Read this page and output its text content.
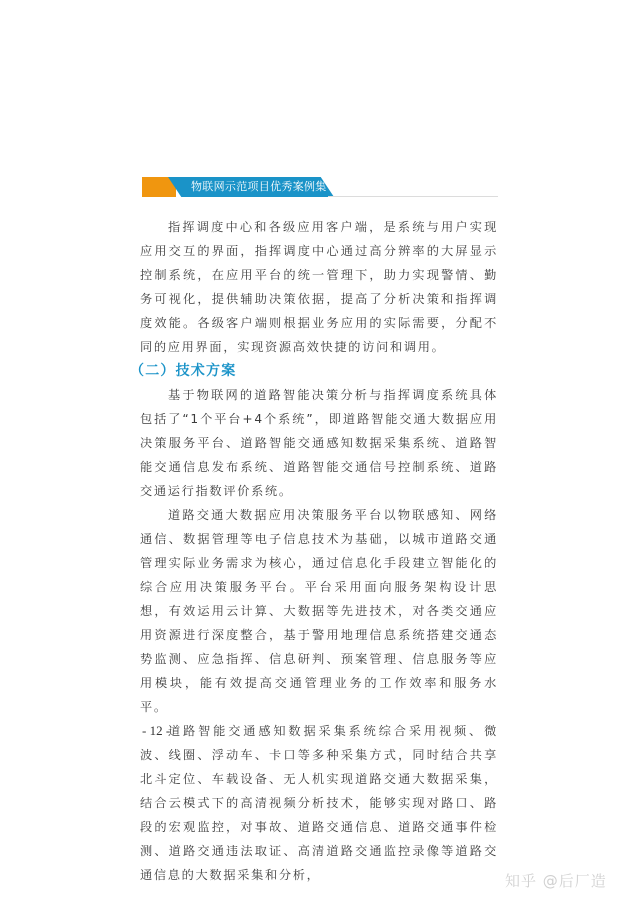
物联网示范项目优秀案例集

指挥调度中心和各级应用客户端，是系统与用户实现应用交互的界面，指挥调度中心通过高分辨率的大屏显示控制系统，在应用平台的统一管理下，助力实现警情、勤务可视化，提供辅助决策依据，提高了分析决策和指挥调度效能。各级客户端则根据业务应用的实际需要，分配不同的应用界面，实现资源高效快捷的访问和调用。

（二）技术方案

基于物联网的道路智能决策分析与指挥调度系统具体包括了“1个平台+4个系统”，即道路智能交通大数据应用决策服务平台、道路智能交通感知数据采集系统、道路智能交通信息发布系统、道路智能交通信号控制系统、道路交通运行指数评价系统。

道路交通大数据应用决策服务平台以物联感知、网络通信、数据管理等电子信息技术为基础，以城市道路交通管理实际业务需求为核心，通过信息化手段建立智能化的综合应用决策服务平台。平台采用面向服务架构设计思想，有效运用云计算、大数据等先进技术，对各类交通应用资源进行深度整合，基于警用地理信息系统搭建交通态势监测、应急指挥、信息研判、预案管理、信息服务等应用模块，能有效提高交通管理业务的工作效率和服务水平。

道路智能交通感知数据采集系统综合采用视频、微波、线圈、浮动车、卡口等多种采集方式，同时结合共享北斗定位、车载设备、无人机实现道路交通大数据采集，结合云模式下的高清视频分析技术，能够实现对路口、路段的宏观监控，对事故、道路交通信息、道路交通事件检测、道路交通违法取证、高清道路交通监控录像等道路交通信息的大数据采集和分析，

- 12 -
知乎 @后厂造
